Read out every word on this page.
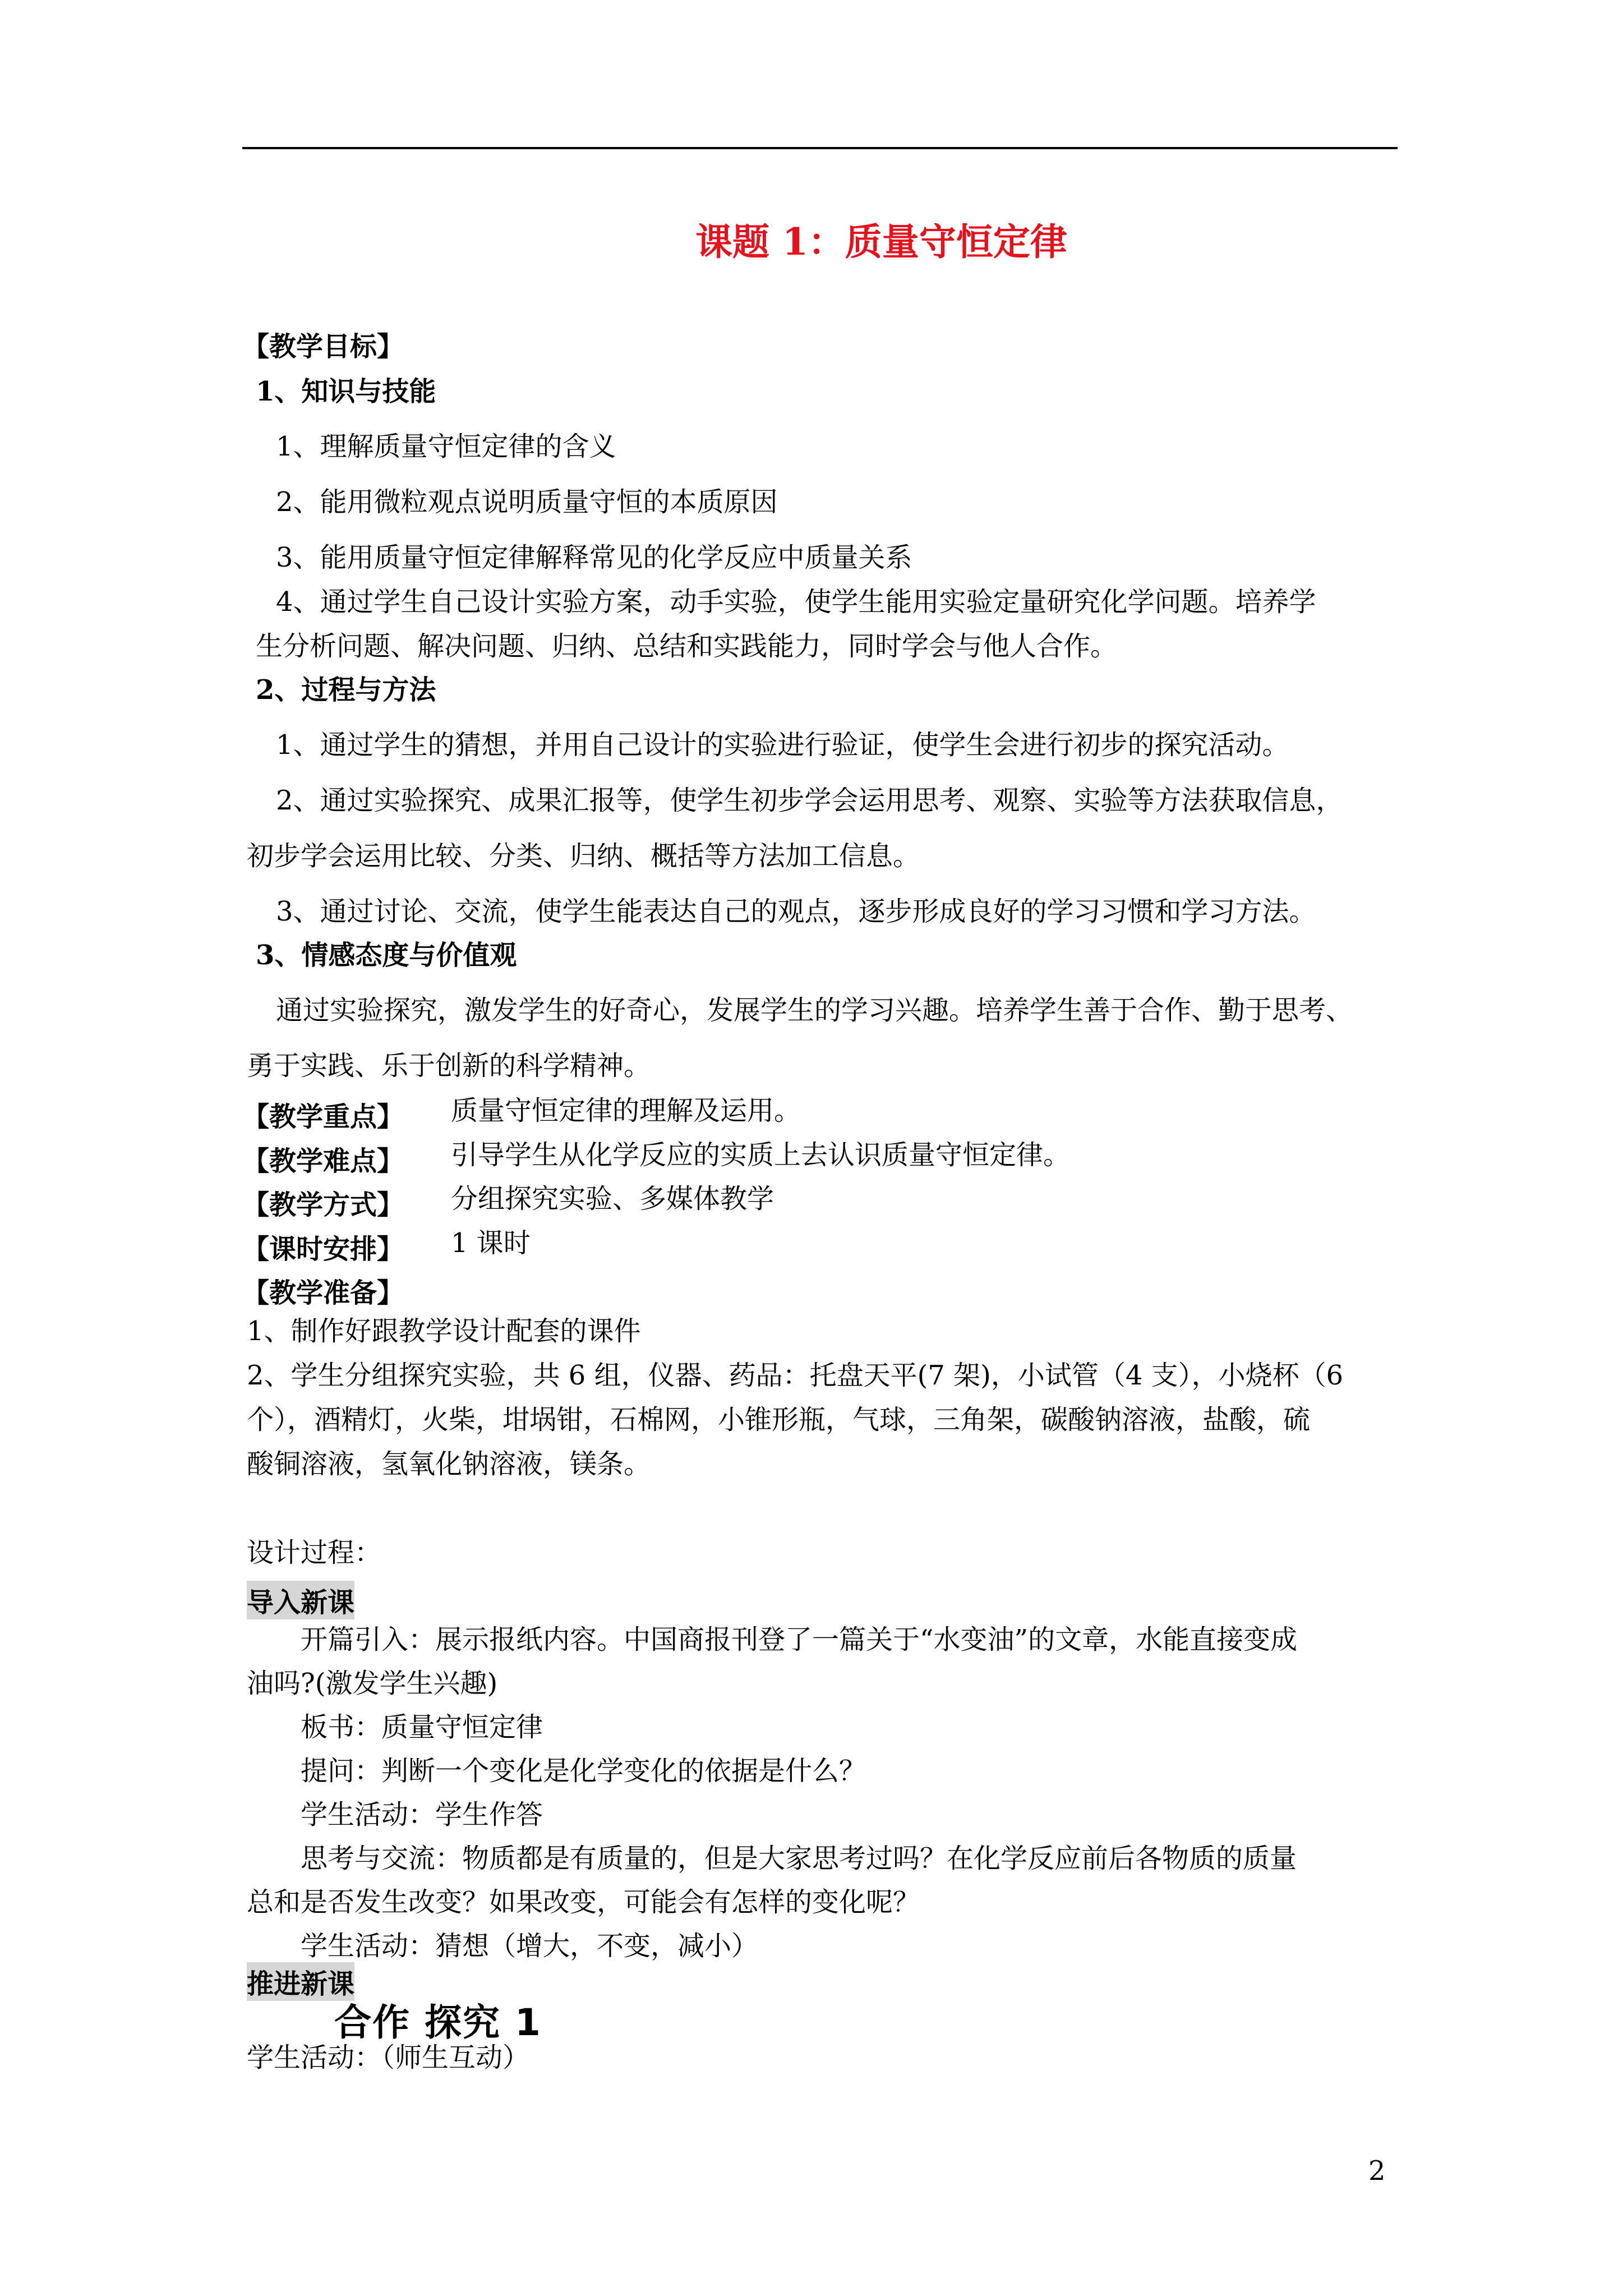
课题 1：质量守恒定律
【教学目标】
1、知识与技能
1、理解质量守恒定律的含义
2、能用微粒观点说明质量守恒的本质原因
3、能用质量守恒定律解释常见的化学反应中质量关系
4、通过学生自己设计实验方案，动手实验，使学生能用实验定量研究化学问题。培养学
生分析问题、解决问题、归纳、总结和实践能力，同时学会与他人合作。
2、过程与方法
1、通过学生的猜想，并用自己设计的实验进行验证，使学生会进行初步的探究活动。
2、通过实验探究、成果汇报等，使学生初步学会运用思考、观察、实验等方法获取信息，
初步学会运用比较、分类、归纳、概括等方法加工信息。
3、通过讨论、交流，使学生能表达自己的观点，逐步形成良好的学习习惯和学习方法。
3、情感态度与价值观
通过实验探究，激发学生的好奇心，发展学生的学习兴趣。培养学生善于合作、勤于思考、
勇于实践、乐于创新的科学精神。
【教学重点】 质量守恒定律的理解及运用。
【教学难点】 引导学生从化学反应的实质上去认识质量守恒定律。
【教学方式】 分组探究实验、多媒体教学
【课时安排】 1 课时
【教学准备】
1、制作好跟教学设计配套的课件
2、学生分组探究实验，共 6 组，仪器、药品：托盘天平(7 架)，小试管（4 支），小烧杯（6
个），酒精灯，火柴，坩埚钳，石棉网，小锥形瓶，气球，三角架，碳酸钠溶液，盐酸，硫
酸铜溶液，氢氧化钠溶液，镁条。
设计过程：
导入新课
开篇引入：展示报纸内容。中国商报刊登了一篇关于“水变油”的文章，水能直接变成
油吗?(激发学生兴趣)
板书：质量守恒定律
提问：判断一个变化是化学变化的依据是什么？
学生活动：学生作答
思考与交流：物质都是有质量的，但是大家思考过吗？在化学反应前后各物质的质量
总和是否发生改变？如果改变，可能会有怎样的变化呢？
学生活动：猜想（增大，不变，减小）
推进新课
合作 探究 1
学生活动：（师生互动）
2
